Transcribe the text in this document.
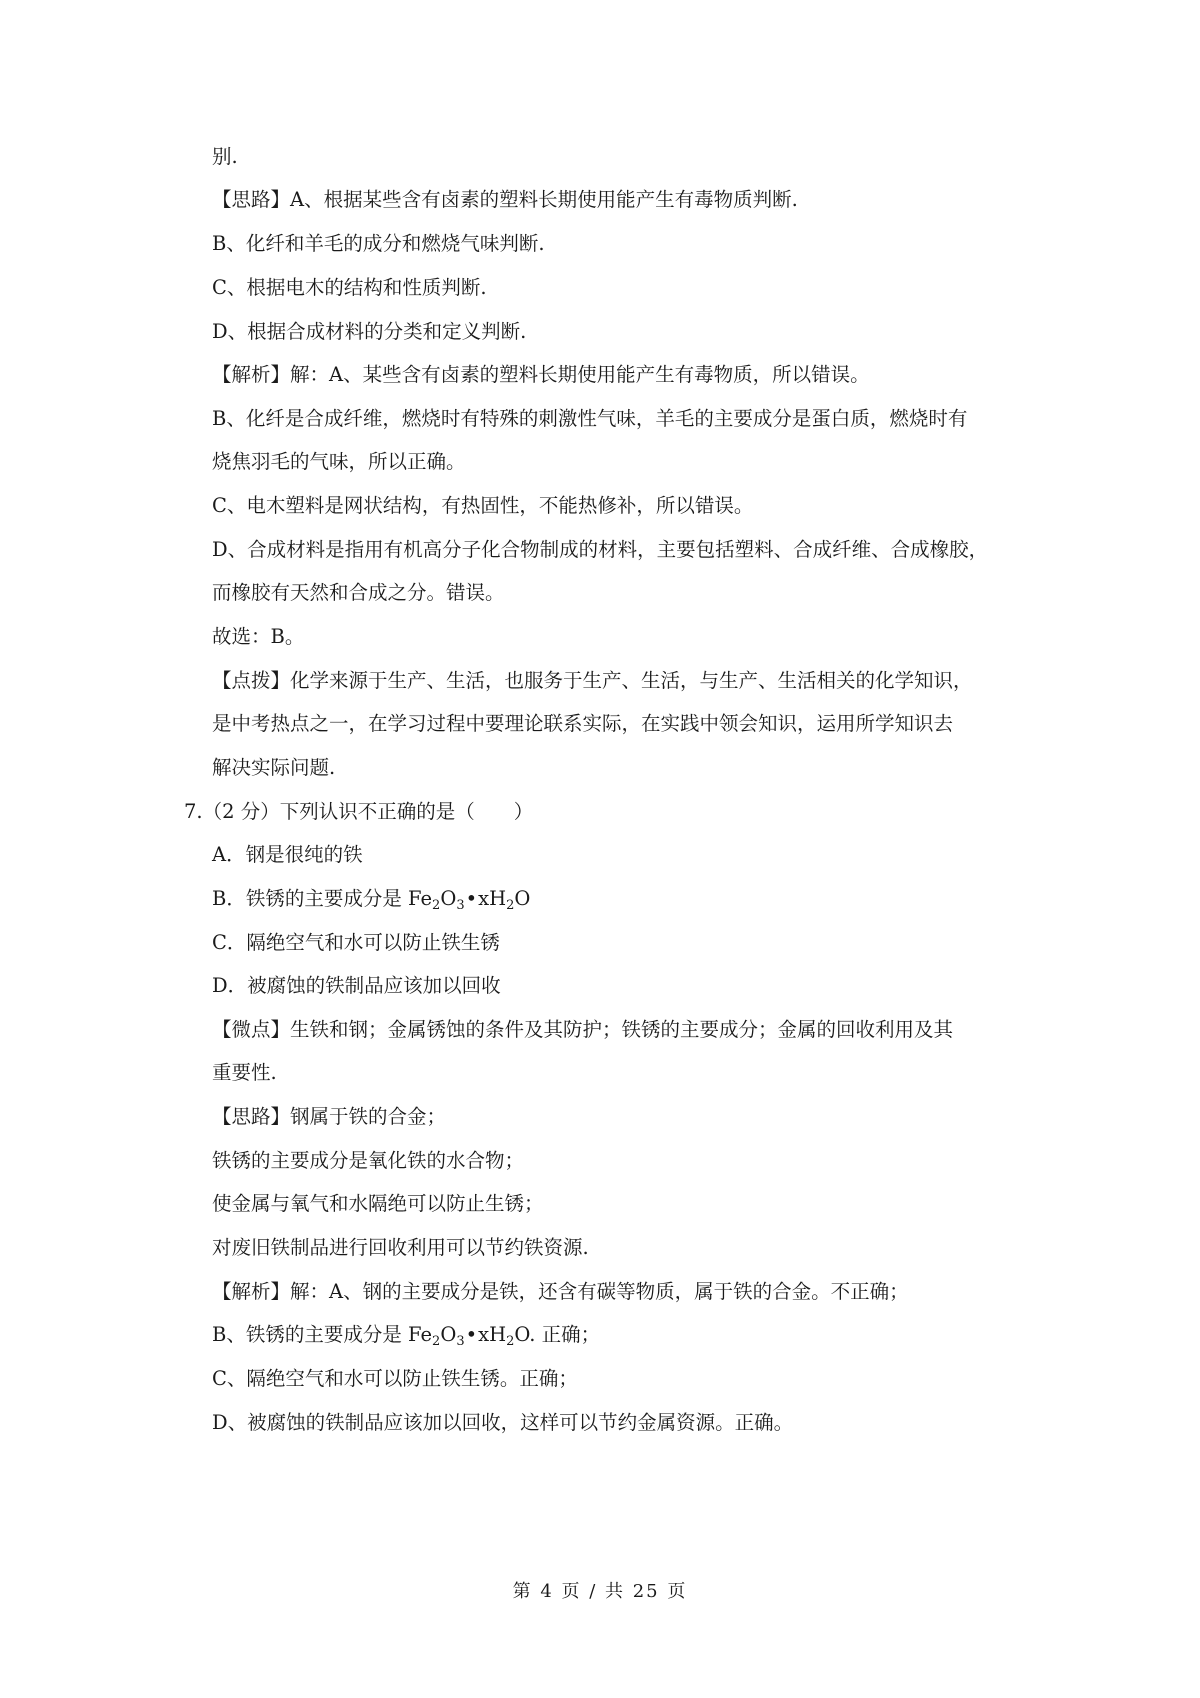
别.
【思路】A、根据某些含有卤素的塑料长期使用能产生有毒物质判断.
B、化纤和羊毛的成分和燃烧气味判断.
C、根据电木的结构和性质判断.
D、根据合成材料的分类和定义判断.
【解析】解：A、某些含有卤素的塑料长期使用能产生有毒物质，所以错误。
B、化纤是合成纤维，燃烧时有特殊的刺激性气味，羊毛的主要成分是蛋白质，燃烧时有
烧焦羽毛的气味，所以正确。
C、电木塑料是网状结构，有热固性，不能热修补，所以错误。
D、合成材料是指用有机高分子化合物制成的材料，主要包括塑料、合成纤维、合成橡胶，
而橡胶有天然和合成之分。错误。
故选：B。
【点拨】化学来源于生产、生活，也服务于生产、生活，与生产、生活相关的化学知识，
是中考热点之一，在学习过程中要理论联系实际，在实践中领会知识，运用所学知识去
解决实际问题.
7.（2 分）下列认识不正确的是（　　）
A．钢是很纯的铁
B．铁锈的主要成分是 $Fe_2O_3•xH_2O$
C．隔绝空气和水可以防止铁生锈
D．被腐蚀的铁制品应该加以回收
【微点】生铁和钢；金属锈蚀的条件及其防护；铁锈的主要成分；金属的回收利用及其
重要性.
【思路】钢属于铁的合金；
铁锈的主要成分是氧化铁的水合物；
使金属与氧气和水隔绝可以防止生锈；
对废旧铁制品进行回收利用可以节约铁资源.
【解析】解：A、钢的主要成分是铁，还含有碳等物质，属于铁的合金。不正确；
B、铁锈的主要成分是 $Fe_2O_3•xH_2O$. 正确；
C、隔绝空气和水可以防止铁生锈。正确；
D、被腐蚀的铁制品应该加以回收，这样可以节约金属资源。正确。
第 4 页 / 共 25 页
